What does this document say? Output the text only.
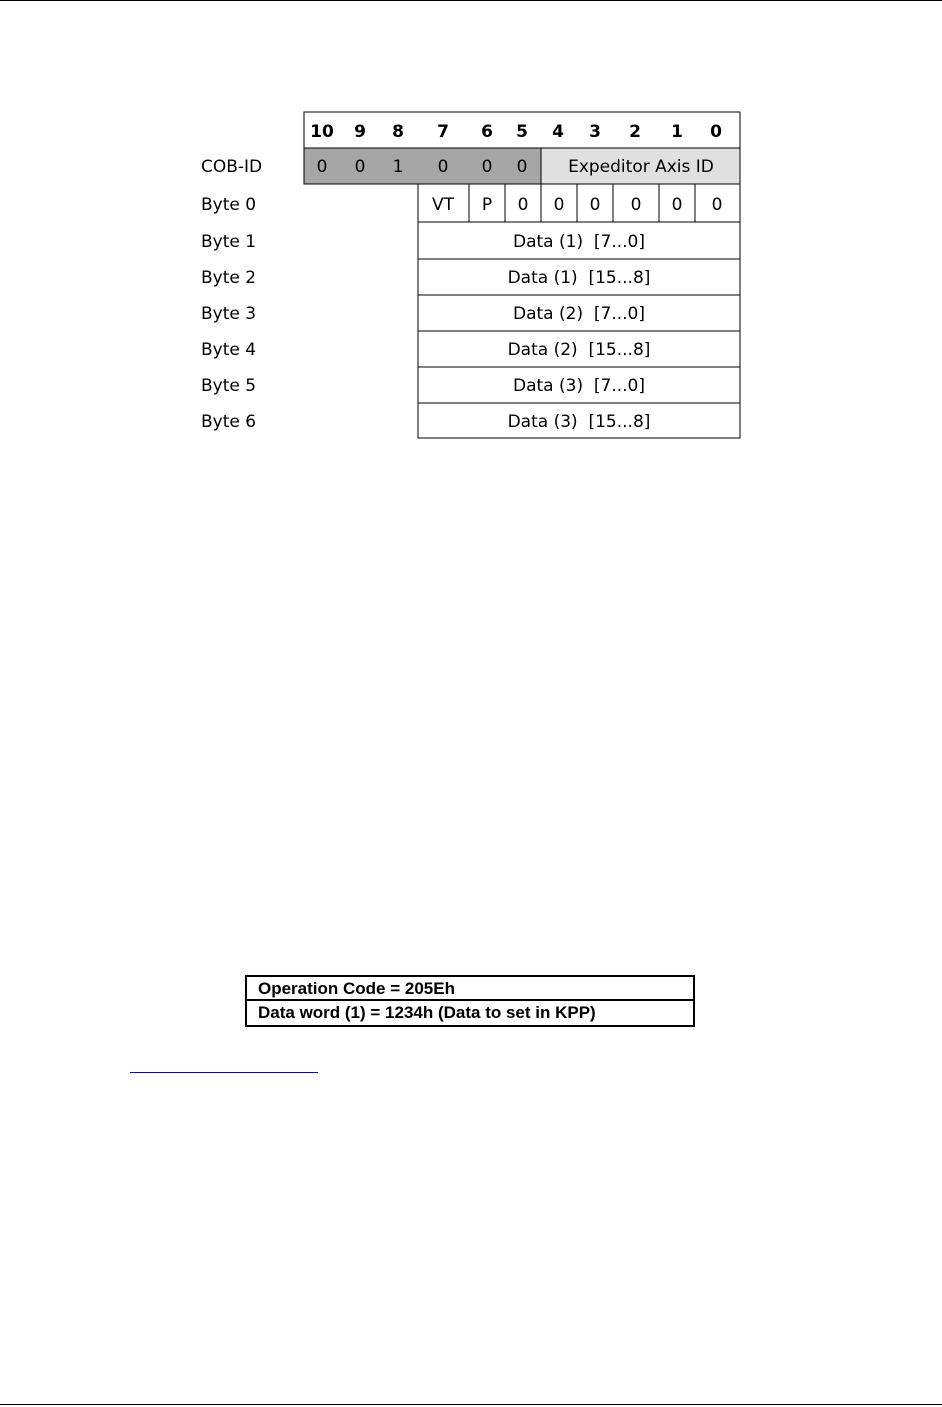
10 9 8 7 6 5 4 3 2 1 0
COB-ID
Byte 0
Byte 1
Byte 2
Byte 3
Byte 4
Byte 5
Byte 6
0 0 1 0 0 0 Expeditor Axis ID
VT P 0 0 0 0 0 0
Data (1)  [7...0]
Data (1)  [15...8]
Data (2)  [7...0]
Data (2)  [15...8]
Data (3)  [7...0]
Data (3)  [15...8]
Operation Code = 205Eh
Data word (1) = 1234h (Data to set in KPP)
